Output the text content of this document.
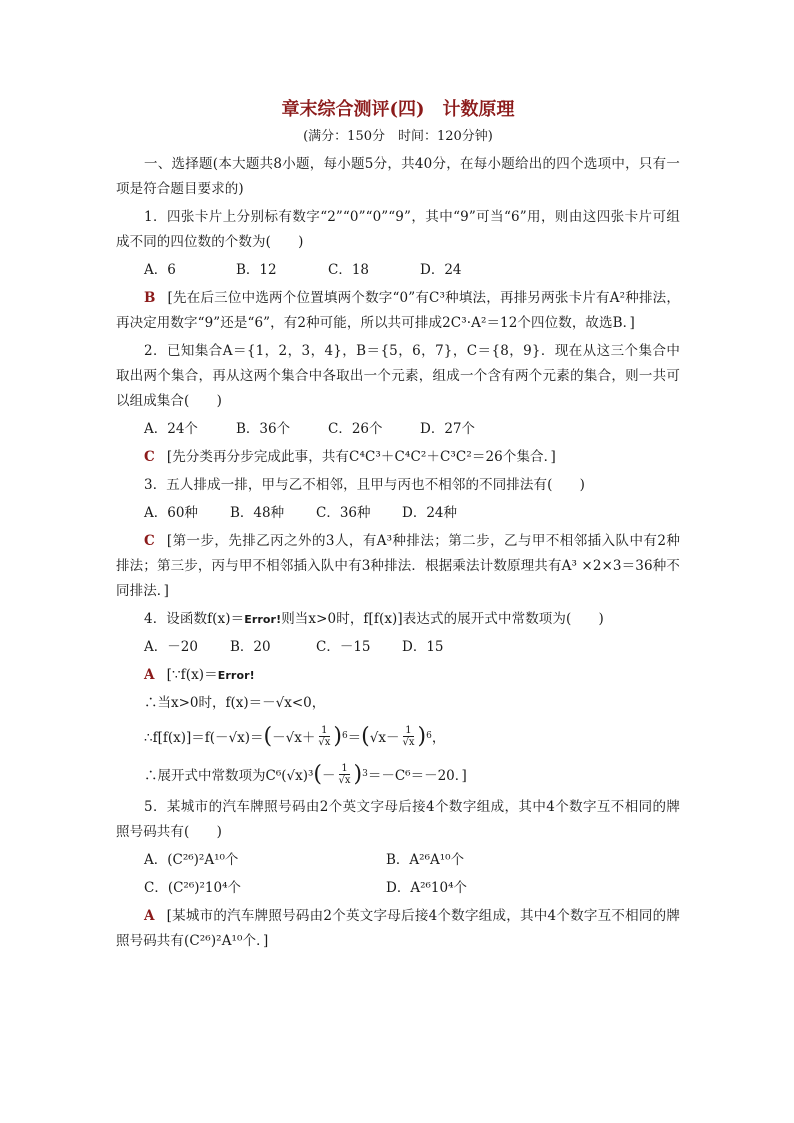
章末综合测评(四)　计数原理

(满分：150分　时间：120分钟)

一、选择题(本大题共8小题，每小题5分，共40分，在每小题给出的四个选项中，只有一项是符合题目要求的)

1．四张卡片上分别标有数字“2”“0”“0”“9”，其中“9”可当“6”用，则由这四张卡片可组成不同的四位数的个数为(　　)

A．6	B．12	C．18	D．24

B [先在后三位中选两个位置填两个数字“0”有C³种填法，再排另两张卡片有A²种排法，再决定用数字“9”还是“6”，有2种可能，所以共可排成2C³·A²＝12个四位数，故选B．]

2．已知集合A＝{1，2，3，4}，B＝{5，6，7}，C＝{8，9}．现在从这三个集合中取出两个集合，再从这两个集合中各取出一个元素，组成一个含有两个元素的集合，则一共可以组成集合(　　)

A．24个	B．36个	C．26个	D．27个

C [先分类再分步完成此事，共有C⁴C³＋C⁴C²＋C³C²＝26个集合．]

3．五人排成一排，甲与乙不相邻，且甲与丙也不相邻的不同排法有(　　)

A．60种	B．48种	C．36种	D．24种

C [第一步，先排乙丙之外的3人，有A³种排法；第二步，乙与甲不相邻插入队中有2种排法；第三步，丙与甲不相邻插入队中有3种排法．根据乘法计数原理共有A³ ×2×3＝36种不同排法．]

4．设函数f(x)＝Error!则当x>0时，f[f(x)]表达式的展开式中常数项为(　　)

A．－20	B．20	C．－15	D．15

A [∵f(x)＝Error!

∴当x>0时，f(x)＝－√x<0，

∴f[f(x)]＝f(－√x)＝ ( $-√x+ \frac{1}{√x}$ ) 6 ＝ ( $√x- \frac{1}{√x}$ ) 6 ，
∴展开式中常数项为C⁶(√x)³ ( － $\frac{1}{√x}$ ) 3 ＝－C⁶＝－20．]

5．某城市的汽车牌照号码由2个英文字母后接4个数字组成，其中4个数字互不相同的牌照号码共有(　　)

A．(C²⁶)²A¹⁰个	B．A²⁶A¹⁰个
C．(C²⁶)²10⁴个	D．A²⁶10⁴个

A [某城市的汽车牌照号码由2个英文字母后接4个数字组成，其中4个数字互不相同的牌照号码共有(C²⁶)²A¹⁰个．]
